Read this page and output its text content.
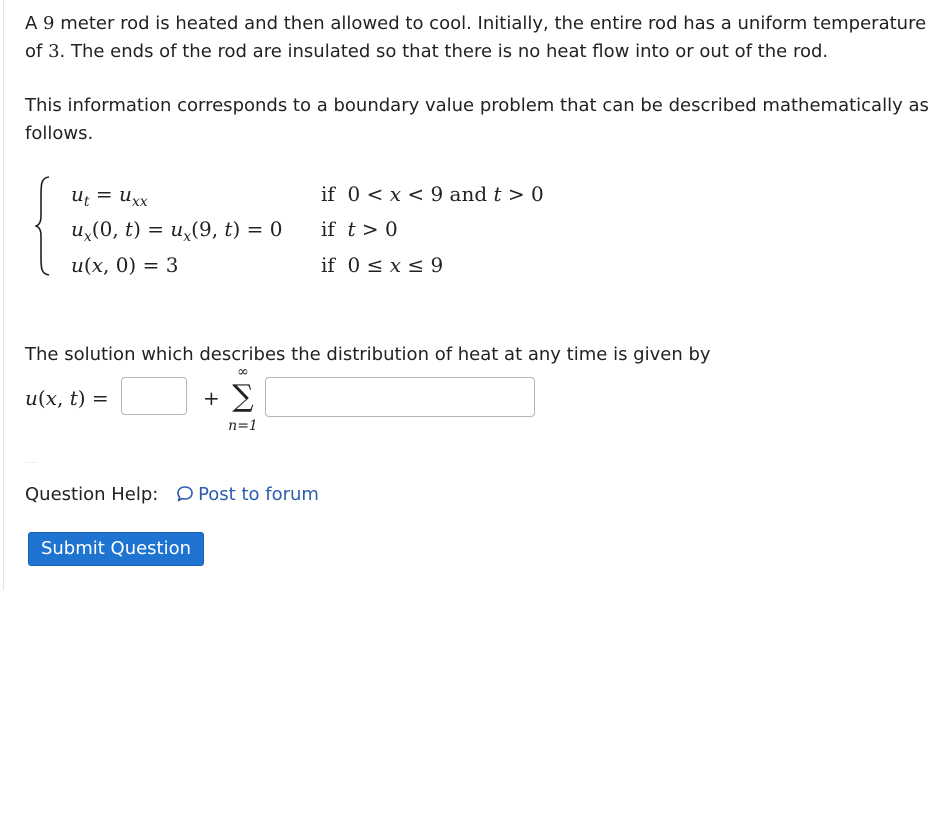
A 9 meter rod is heated and then allowed to cool. Initially, the entire rod has a uniform temperature of 3. The ends of the rod are insulated so that there is no heat flow into or out of the rod.

This information corresponds to a boundary value problem that can be described mathematically as follows.

$u_t = u_{xx}$	if  0 < x < 9 and t > 0
$u_x(0$, $t) = u_x(9$, t) = 0 if  t > 0
u(x, 0) = 3	if  0 ≤ x ≤ 9
The solution which describes the distribution of heat at any time is given by
u(x, t) =	+
∞
∑
n=1
Question Help: Post to forum
Submit Question
